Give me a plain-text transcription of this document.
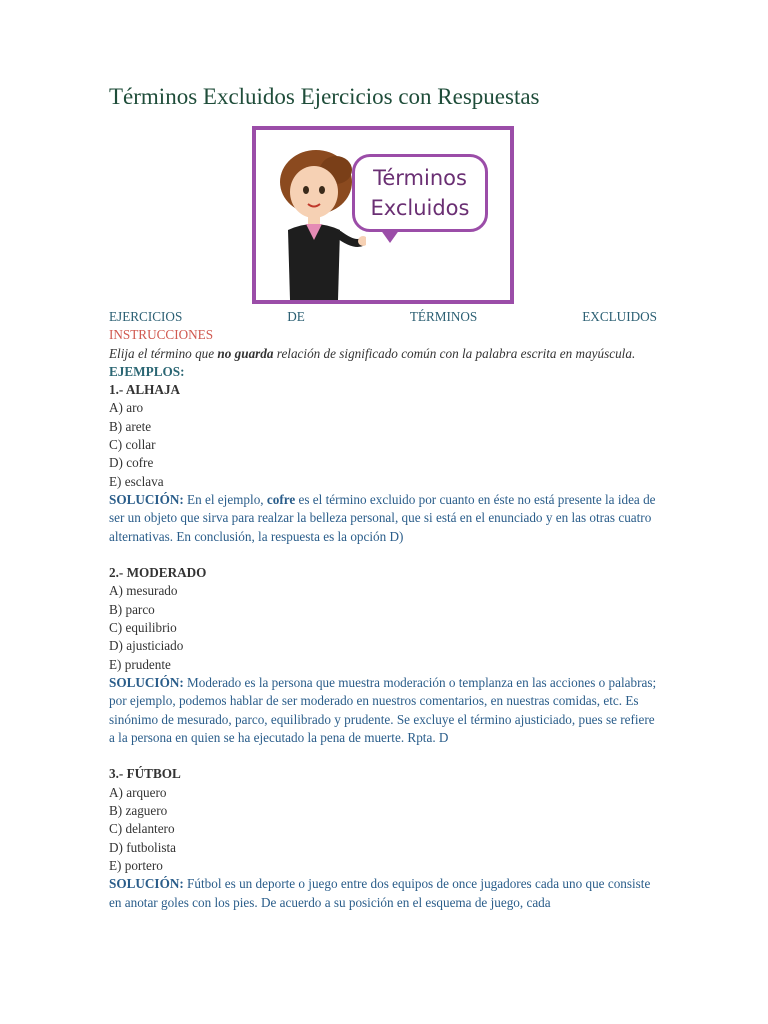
Términos Excluidos Ejercicios con Respuestas
Términos
Excluidos
EJERCICIOS	DE	TÉRMINOS	EXCLUIDOS
INSTRUCCIONES
Elija el término que no guarda relación de significado común con la palabra escrita en mayúscula.
EJEMPLOS:
1.- ALHAJA
A) aro
B) arete
C) collar
D) cofre
E) esclava
SOLUCIÓN: En el ejemplo, cofre es el término excluido por cuanto en éste no está presente la idea de ser un objeto que sirva para realzar la belleza personal, que si está en el enunciado y en las otras cuatro alternativas. En conclusión, la respuesta es la opción D)
2.- MODERADO
A) mesurado
B) parco
C) equilibrio
D) ajusticiado
E) prudente
SOLUCIÓN: Moderado es la persona que muestra moderación o templanza en las acciones o palabras; por ejemplo, podemos hablar de ser moderado en nuestros comentarios, en nuestras comidas, etc. Es sinónimo de mesurado, parco, equilibrado y prudente. Se excluye el término ajusticiado, pues se refiere a la persona en quien se ha ejecutado la pena de muerte. Rpta. D
3.- FÚTBOL
A) arquero
B) zaguero
C) delantero
D) futbolista
E) portero
SOLUCIÓN: Fútbol es un deporte o juego entre dos equipos de once jugadores cada uno que consiste en anotar goles con los pies. De acuerdo a su posición en el esquema de juego, cada
